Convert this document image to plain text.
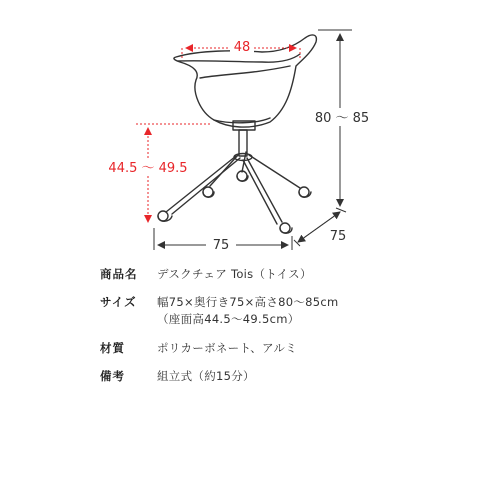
48
44.5 ～ 49.5
80 ～ 85
75
75
商品名	デスクチェア Tois（トイス）
サイズ	幅75×奥行き75×高さ80～85cm
（座面高44.5～49.5cm）
材質	ポリカーボネート、アルミ
備考	組立式（約15分）
